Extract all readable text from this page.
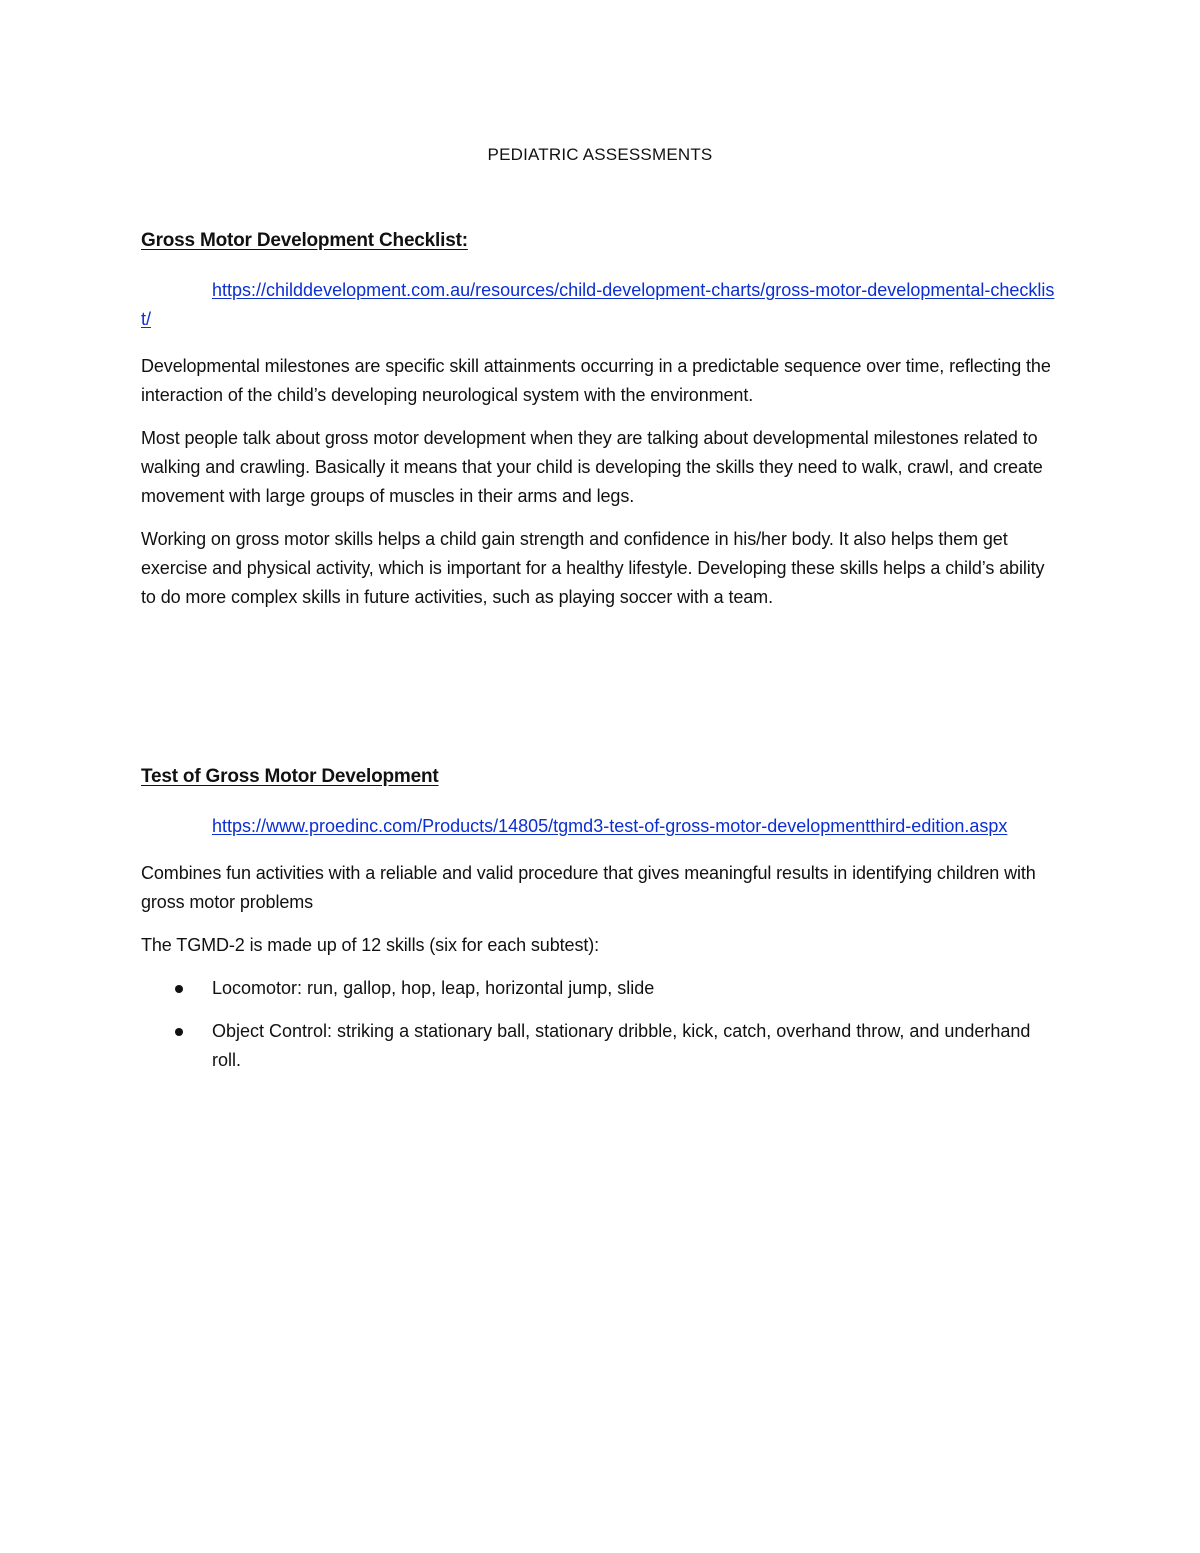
PEDIATRIC ASSESSMENTS
Gross Motor Development Checklist:
https://childdevelopment.com.au/resources/child-development-charts/gross-motor-developmental-checklist/
Developmental milestones are specific skill attainments occurring in a predictable sequence over time, reflecting the interaction of the child’s developing neurological system with the environment.
Most people talk about gross motor development when they are talking about developmental milestones related to walking and crawling. Basically it means that your child is developing the skills they need to walk, crawl, and create movement with large groups of muscles in their arms and legs.
Working on gross motor skills helps a child gain strength and confidence in his/her body. It also helps them get exercise and physical activity, which is important for a healthy lifestyle. Developing these skills helps a child’s ability to do more complex skills in future activities, such as playing soccer with a team.
Test of Gross Motor Development
https://www.proedinc.com/Products/14805/tgmd3-test-of-gross-motor-developmentthird-edition.aspx
Combines fun activities with a reliable and valid procedure that gives meaningful results in identifying children with gross motor problems
The TGMD-2 is made up of 12 skills (six for each subtest):
Locomotor: run, gallop, hop, leap, horizontal jump, slide
Object Control: striking a stationary ball, stationary dribble, kick, catch, overhand throw, and underhand roll.
